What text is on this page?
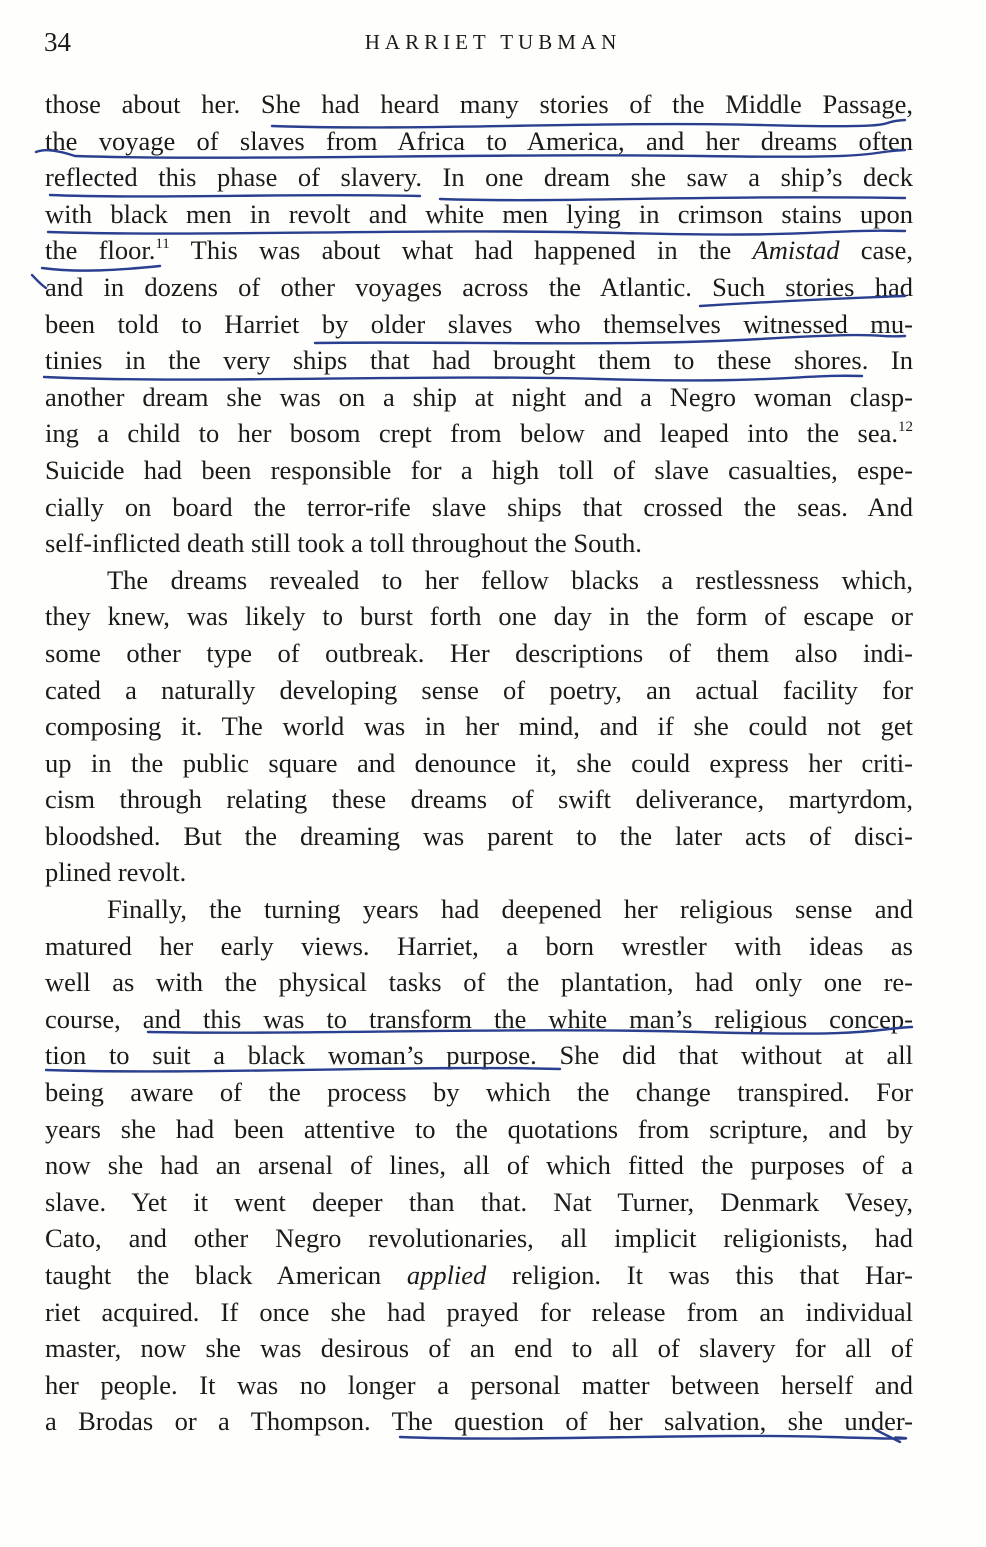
34	HARRIET TUBMAN
those about her. She had heard many stories of the Middle Passage,
the voyage of slaves from Africa to America, and her dreams often
reflected this phase of slavery. In one dream she saw a ship’s deck
with black men in revolt and white men lying in crimson stains upon
the floor.$^{11}$ This was about what had happened in the Amistad case,
and in dozens of other voyages across the Atlantic. Such stories had
been told to Harriet by older slaves who themselves witnessed mu-
tinies in the very ships that had brought them to these shores. In
another dream she was on a ship at night and a Negro woman clasp-
ing a child to her bosom crept from below and leaped into the sea.$^{12}$
Suicide had been responsible for a high toll of slave casualties, espe-
cially on board the terror-rife slave ships that crossed the seas. And
self-inflicted death still took a toll throughout the South.
The dreams revealed to her fellow blacks a restlessness which,
they knew, was likely to burst forth one day in the form of escape or
some other type of outbreak. Her descriptions of them also indi-
cated a naturally developing sense of poetry, an actual facility for
composing it. The world was in her mind, and if she could not get
up in the public square and denounce it, she could express her criti-
cism through relating these dreams of swift deliverance, martyrdom,
bloodshed. But the dreaming was parent to the later acts of disci-
plined revolt.
Finally, the turning years had deepened her religious sense and
matured her early views. Harriet, a born wrestler with ideas as
well as with the physical tasks of the plantation, had only one re-
course, and this was to transform the white man’s religious concep-
tion to suit a black woman’s purpose. She did that without at all
being aware of the process by which the change transpired. For
years she had been attentive to the quotations from scripture, and by
now she had an arsenal of lines, all of which fitted the purposes of a
slave. Yet it went deeper than that. Nat Turner, Denmark Vesey,
Cato, and other Negro revolutionaries, all implicit religionists, had
taught the black American applied religion. It was this that Har-
riet acquired. If once she had prayed for release from an individual
master, now she was desirous of an end to all of slavery for all of
her people. It was no longer a personal matter between herself and
a Brodas or a Thompson. The question of her salvation, she under-
